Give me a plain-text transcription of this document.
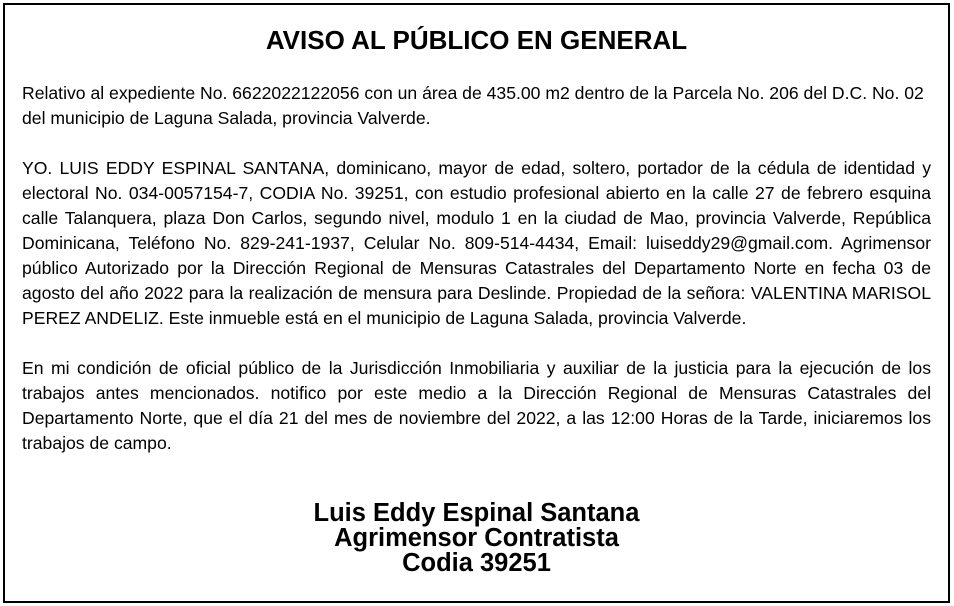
AVISO AL PÚBLICO EN GENERAL

Relativo al expediente No. 6622022122056 con un área de 435.00 m2 dentro de la Parcela No. 206 del D.C. No. 02 del municipio de Laguna Salada, provincia Valverde.

YO. LUIS EDDY ESPINAL SANTANA, dominicano, mayor de edad, soltero, portador de la cédula de identidad y electoral No. 034-0057154-7, CODIA No. 39251, con estudio profesional abierto en la calle 27 de febrero esquina calle Talanquera, plaza Don Carlos, segundo nivel, modulo 1 en la ciudad de Mao, provincia Valverde, República Dominicana, Teléfono No. 829-241-1937, Celular No. 809-514-4434, Email: luiseddy29@gmail.com. Agrimensor público Autorizado por la Dirección Regional de Mensuras Catastrales del Departamento Norte en fecha 03 de agosto del año 2022 para la realización de mensura para Deslinde. Propiedad de la señora: VALENTINA MARISOL PEREZ ANDELIZ. Este inmueble está en el municipio de Laguna Salada, provincia Valverde.

En mi condición de oficial público de la Jurisdicción Inmobiliaria y auxiliar de la justicia para la ejecución de los trabajos antes mencionados. notifico por este medio a la Dirección Regional de Mensuras Catastrales del Departamento Norte, que el día 21 del mes de noviembre del 2022, a las 12:00 Horas de la Tarde, iniciaremos los trabajos de campo.

Luis Eddy Espinal Santana
Agrimensor Contratista
Codia 39251
